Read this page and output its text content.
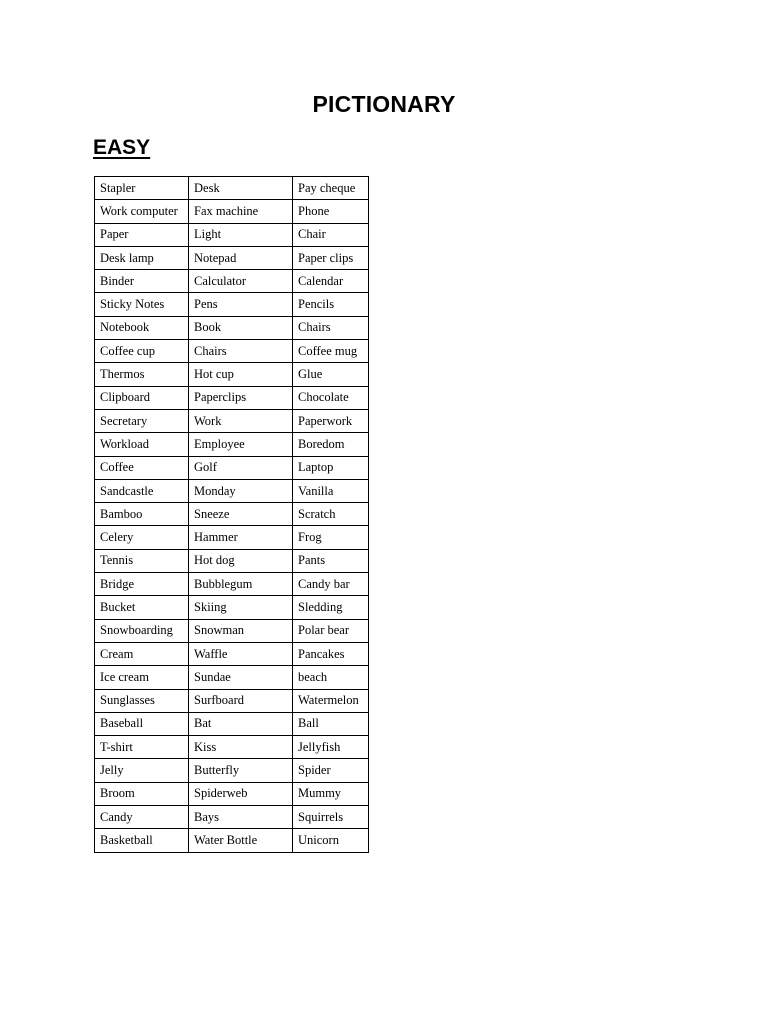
PICTIONARY
EASY
Stapler	Desk	Pay cheque
Work computer	Fax machine	Phone
Paper	Light	Chair
Desk lamp	Notepad	Paper clips
Binder	Calculator	Calendar
Sticky Notes	Pens	Pencils
Notebook	Book	Chairs
Coffee cup	Chairs	Coffee mug
Thermos	Hot cup	Glue
Clipboard	Paperclips	Chocolate
Secretary	Work	Paperwork
Workload	Employee	Boredom
Coffee	Golf	Laptop
Sandcastle	Monday	Vanilla
Bamboo	Sneeze	Scratch
Celery	Hammer	Frog
Tennis	Hot dog	Pants
Bridge	Bubblegum	Candy bar
Bucket	Skiing	Sledding
Snowboarding	Snowman	Polar bear
Cream	Waffle	Pancakes
Ice cream	Sundae	beach
Sunglasses	Surfboard	Watermelon
Baseball	Bat	Ball
T-shirt	Kiss	Jellyfish
Jelly	Butterfly	Spider
Broom	Spiderweb	Mummy
Candy	Bays	Squirrels
Basketball	Water Bottle	Unicorn
